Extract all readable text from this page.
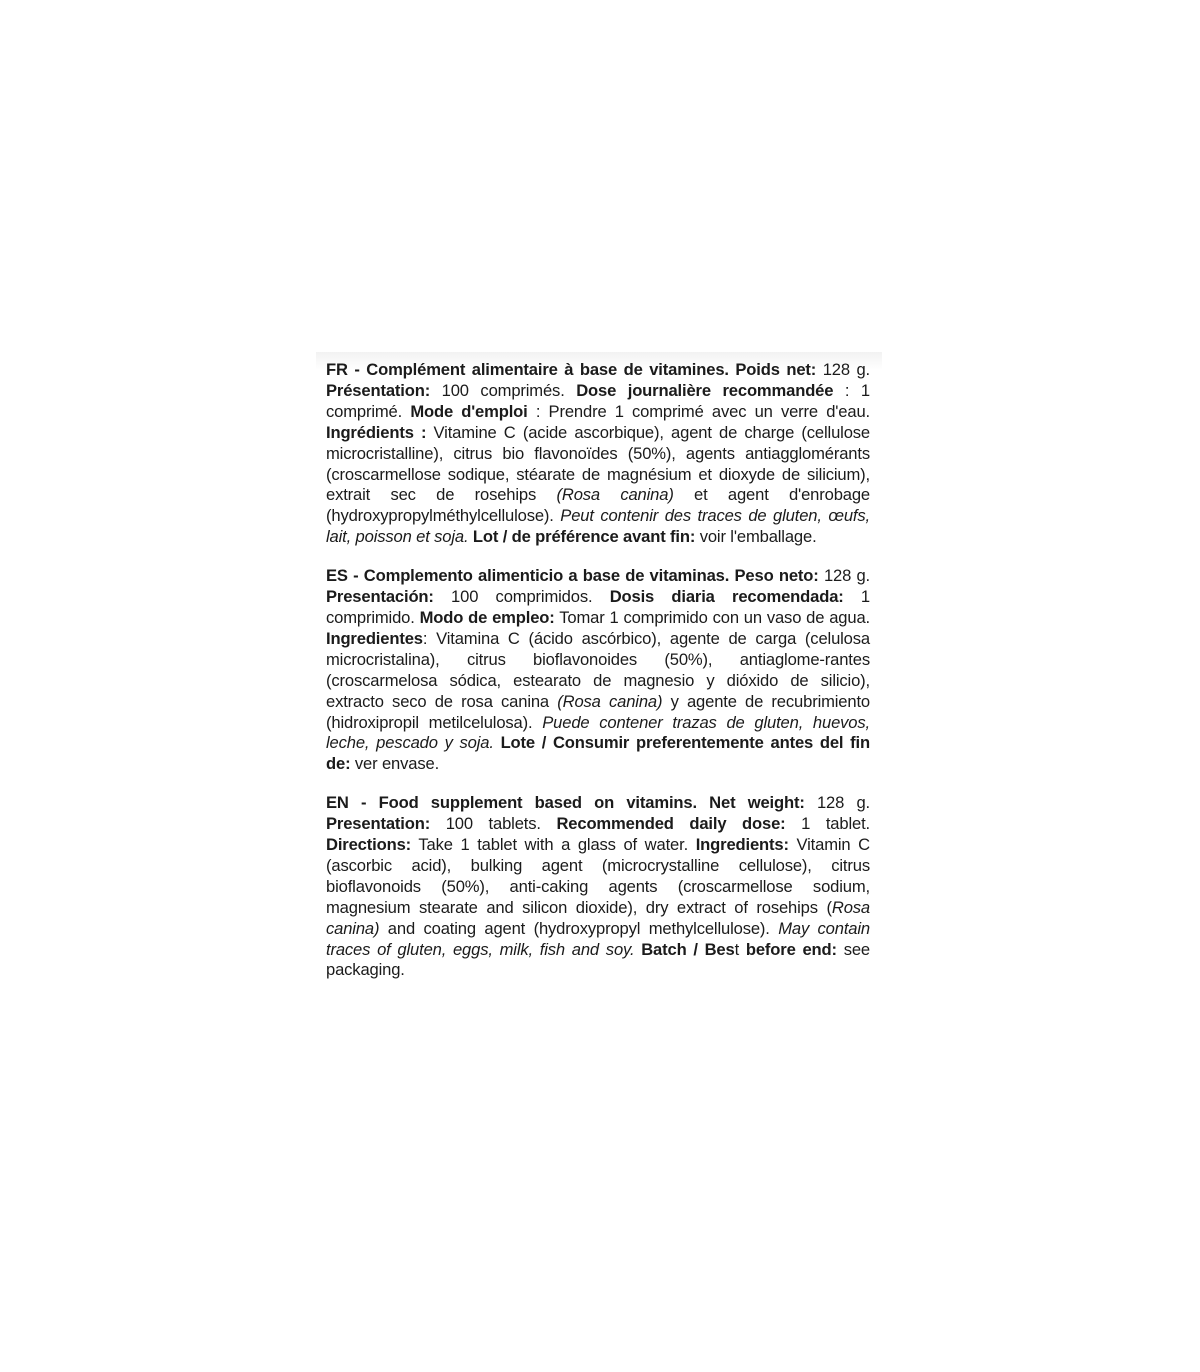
FR - Complément alimentaire à base de vitamines. Poids net: 128 g. Présentation: 100 comprimés. Dose journalière recommandée : 1 comprimé. Mode d'emploi : Prendre 1 comprimé avec un verre d'eau. Ingrédients : Vitamine C (acide ascorbique), agent de charge (cellulose microcristalline), citrus bio flavonoïdes (50%), agents antiagglomérants (croscarmellose sodique, stéarate de magnésium et dioxyde de silicium), extrait sec de rosehips (Rosa canina) et agent d'enrobage (hydroxypropylméthylcellulose). Peut contenir des traces de gluten, œufs, lait, poisson et soja. Lot / de préférence avant fin: voir l'emballage.

ES - Complemento alimenticio a base de vitaminas. Peso neto: 128 g. Presentación: 100 comprimidos. Dosis diaria recomendada: 1 comprimido. Modo de empleo: Tomar 1 comprimido con un vaso de agua. Ingredientes: Vitamina C (ácido ascórbico), agente de carga (celulosa microcristalina), citrus bioflavonoides (50%), antiaglome-rantes (croscarmelosa sódica, estearato de magnesio y dióxido de silicio), extracto seco de rosa canina (Rosa canina) y agente de recubrimiento (hidroxipropil metilcelulosa). Puede contener trazas de gluten, huevos, leche, pescado y soja. Lote / Consumir preferentemente antes del fin de: ver envase.

EN - Food supplement based on vitamins. Net weight: 128 g. Presentation: 100 tablets. Recommended daily dose: 1 tablet. Directions: Take 1 tablet with a glass of water. Ingredients: Vitamin C (ascorbic acid), bulking agent (microcrystalline cellulose), citrus bioflavonoids (50%), anti-caking agents (croscarmellose sodium, magnesium stearate and silicon dioxide), dry extract of rosehips (Rosa canina) and coating agent (hydroxypropyl methylcellulose). May contain traces of gluten, eggs, milk, fish and soy. Batch / Best before end: see packaging.
